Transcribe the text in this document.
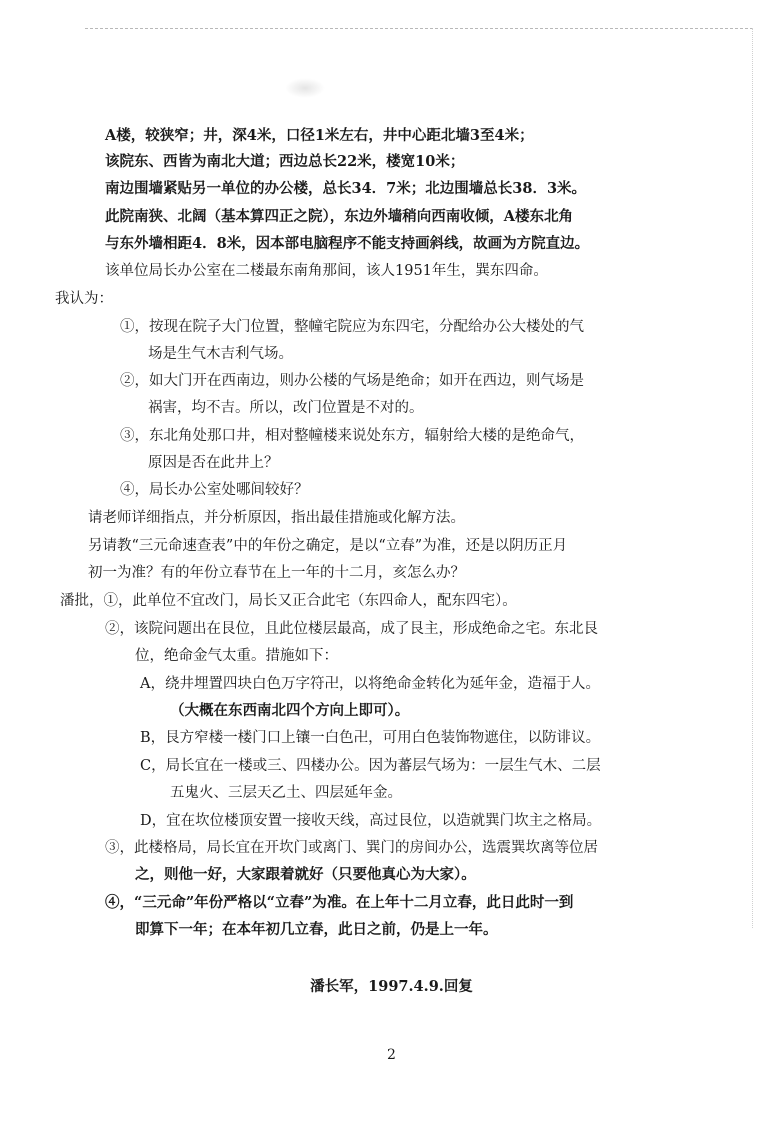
A楼，较狭窄；井，深4米，口径1米左右，井中心距北墙3至4米；
该院东、西皆为南北大道；西边总长22米，楼宽10米；
南边围墙紧贴另一单位的办公楼，总长34．7米；北边围墙总长38．3米。
此院南狭、北阔（基本算四正之院），东边外墙稍向西南收倾，A楼东北角
与东外墙相距4．8米，因本部电脑程序不能支持画斜线，故画为方院直边。
该单位局长办公室在二楼最东南角那间，该人1951年生，巽东四命。
我认为：
①，按现在院子大门位置，整幢宅院应为东四宅，分配给办公大楼处的气
场是生气木吉利气场。
②，如大门开在西南边，则办公楼的气场是绝命；如开在西边，则气场是
祸害，均不吉。所以，改门位置是不对的。
③，东北角处那口井，相对整幢楼来说处东方，辐射给大楼的是绝命气，
原因是否在此井上？
④，局长办公室处哪间较好？
请老师详细指点，并分析原因，指出最佳措施或化解方法。
另请教“三元命速查表”中的年份之确定，是以“立春”为准，还是以阴历正月
初一为准？有的年份立春节在上一年的十二月，亥怎么办？
潘批，①，此单位不宜改门，局长又正合此宅（东四命人，配东四宅）。
②，该院问题出在艮位，且此位楼层最高，成了艮主，形成绝命之宅。东北艮
位，绝命金气太重。措施如下：
A，绕井埋置四块白色万字符卍，以将绝命金转化为延年金，造福于人。
（大概在东西南北四个方向上即可）。
B，艮方窄楼一楼门口上镶一白色卍，可用白色装饰物遮住，以防诽议。
C，局长宜在一楼或三、四楼办公。因为蕃层气场为：一层生气木、二层
五鬼火、三层天乙土、四层延年金。
D，宜在坎位楼顶安置一接收天线，高过艮位，以造就巽门坎主之格局。
③，此楼格局，局长宜在开坎门或离门、巽门的房间办公，选震巽坎离等位居
之，则他一好，大家跟着就好（只要他真心为大家）。
④，“三元命”年份严格以“立春”为准。在上年十二月立春，此日此时一到
即算下一年；在本年初几立春，此日之前，仍是上一年。
潘长军，1997.4.9.回复
2
